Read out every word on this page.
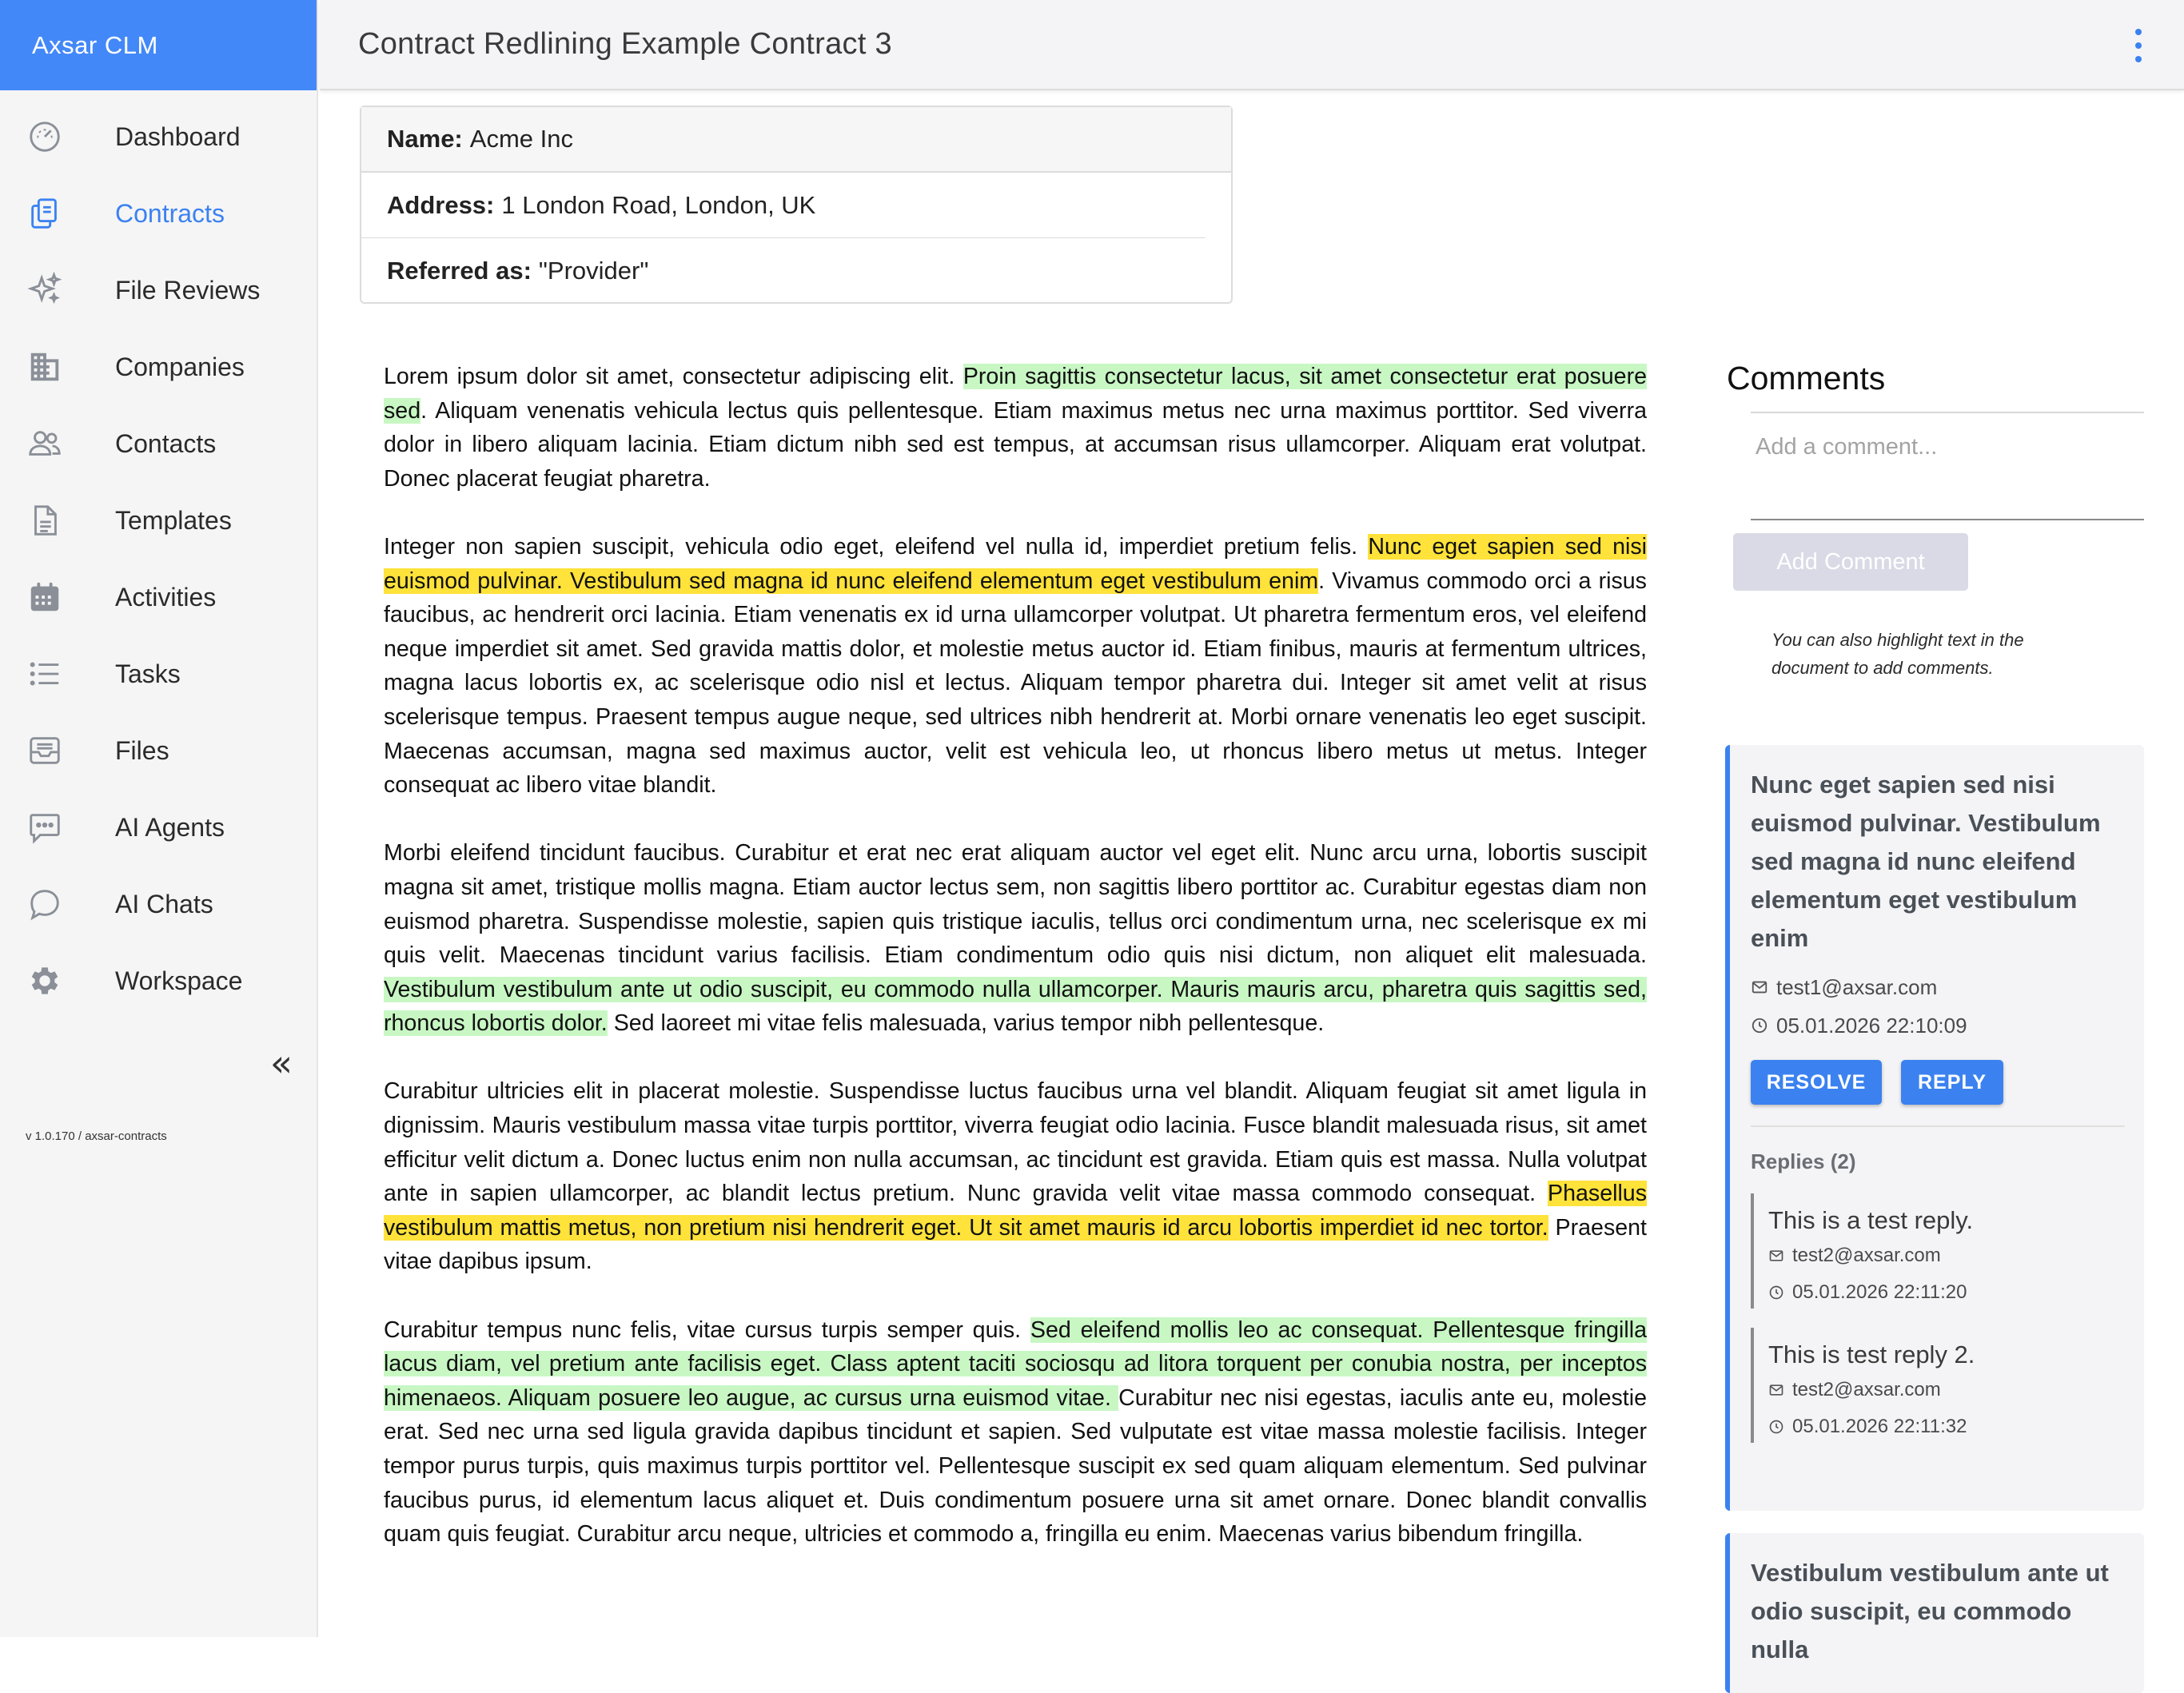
Axsar CLM
Dashboard
Contracts
File Reviews
Companies
Contacts
Templates
Activities
Tasks
Files
AI Agents
AI Chats
Workspace
«
v 1.0.170 / axsar-contracts
Contract Redlining Example Contract 3
Name: Acme Inc
Address: 1 London Road, London, UK
Referred as: "Provider"

Lorem ipsum dolor sit amet, consectetur adipiscing elit. Proin sagittis consectetur lacus, sit amet consectetur erat posuere sed. Aliquam venenatis vehicula lectus quis pellentesque. Etiam maximus metus nec urna maximus porttitor. Sed viverra dolor in libero aliquam lacinia. Etiam dictum nibh sed est tempus, at accumsan risus ullamcorper. Aliquam erat volutpat. Donec placerat feugiat pharetra.

Integer non sapien suscipit, vehicula odio eget, eleifend vel nulla id, imperdiet pretium felis. Nunc eget sapien sed nisi euismod pulvinar. Vestibulum sed magna id nunc eleifend elementum eget vestibulum enim. Vivamus commodo orci a risus faucibus, ac hendrerit orci lacinia. Etiam venenatis ex id urna ullamcorper volutpat. Ut pharetra fermentum eros, vel eleifend neque imperdiet sit amet. Sed gravida mattis dolor, et molestie metus auctor id. Etiam finibus, mauris at fermentum ultrices, magna lacus lobortis ex, ac scelerisque odio nisl et lectus. Aliquam tempor pharetra dui. Integer sit amet velit at risus scelerisque tempus. Praesent tempus augue neque, sed ultrices nibh hendrerit at. Morbi ornare venenatis leo eget suscipit. Maecenas accumsan, magna sed maximus auctor, velit est vehicula leo, ut rhoncus libero metus ut metus. Integer consequat ac libero vitae blandit.

Morbi eleifend tincidunt faucibus. Curabitur et erat nec erat aliquam auctor vel eget elit. Nunc arcu urna, lobortis suscipit magna sit amet, tristique mollis magna. Etiam auctor lectus sem, non sagittis libero porttitor ac. Curabitur egestas diam non euismod pharetra. Suspendisse molestie, sapien quis tristique iaculis, tellus orci condimentum urna, nec scelerisque ex mi quis velit. Maecenas tincidunt varius facilisis. Etiam condimentum odio quis nisi dictum, non aliquet elit malesuada. Vestibulum vestibulum ante ut odio suscipit, eu commodo nulla ullamcorper. Mauris mauris arcu, pharetra quis sagittis sed, rhoncus lobortis dolor. Sed laoreet mi vitae felis malesuada, varius tempor nibh pellentesque.

Curabitur ultricies elit in placerat molestie. Suspendisse luctus faucibus urna vel blandit. Aliquam feugiat sit amet ligula in dignissim. Mauris vestibulum massa vitae turpis porttitor, viverra feugiat odio lacinia. Fusce blandit malesuada risus, sit amet efficitur velit dictum a. Donec luctus enim non nulla accumsan, ac tincidunt est gravida. Etiam quis est massa. Nulla volutpat ante in sapien ullamcorper, ac blandit lectus pretium. Nunc gravida velit vitae massa commodo consequat. Phasellus vestibulum mattis metus, non pretium nisi hendrerit eget. Ut sit amet mauris id arcu lobortis imperdiet id nec tortor. Praesent vitae dapibus ipsum.

Curabitur tempus nunc felis, vitae cursus turpis semper quis. Sed eleifend mollis leo ac consequat. Pellentesque fringilla lacus diam, vel pretium ante facilisis eget. Class aptent taciti sociosqu ad litora torquent per conubia nostra, per inceptos himenaeos. Aliquam posuere leo augue, ac cursus urna euismod vitae. Curabitur nec nisi egestas, iaculis ante eu, molestie erat. Sed nec urna sed ligula gravida dapibus tincidunt et sapien. Sed vulputate est vitae massa molestie facilisis. Integer tempor purus turpis, quis maximus turpis porttitor vel. Pellentesque suscipit ex sed quam aliquam elementum. Sed pulvinar faucibus purus, id elementum lacus aliquet et. Duis condimentum posuere urna sit amet ornare. Donec blandit convallis quam quis feugiat. Curabitur arcu neque, ultricies et commodo a, fringilla eu enim. Maecenas varius bibendum fringilla.

Comments
Add a comment...
Add Comment
You can also highlight text in the document to add comments.
Nunc eget sapien sed nisi euismod pulvinar. Vestibulum sed magna id nunc eleifend elementum eget vestibulum enim
test1@axsar.com
05.01.2026 22:10:09
RESOLVE	REPLY
Replies (2)
This is a test reply.
test2@axsar.com
05.01.2026 22:11:20
This is test reply 2.
test2@axsar.com
05.01.2026 22:11:32
Vestibulum vestibulum ante ut odio suscipit, eu commodo nulla
